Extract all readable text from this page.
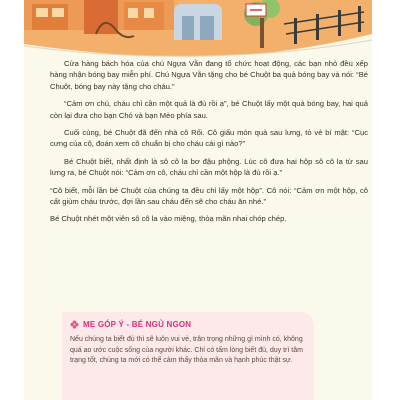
Cửa hàng bách hóa của chú Ngựa Vằn đang tổ chức hoạt động, các bạn nhỏ đều xếp hàng nhận bóng bay miễn phí. Chú Ngựa Vằn tặng cho bé Chuột ba quả bóng bay và nói: “Bé Chuột, bóng bay này tặng cho cháu.”

“Cảm ơn chú, cháu chỉ cần một quả là đủ rồi ạ”, bé Chuột lấy một quả bóng bay, hai quả còn lại đưa cho bạn Chó và bạn Mèo phía sau.

Cuối cùng, bé Chuột đã đến nhà cô Rối. Cô giấu món quà sau lưng, tỏ vẻ bí mật: “Cục cưng của cô, đoán xem cô chuẩn bị cho cháu cái gì nào?”

Bé Chuột biết, nhất định là sô cô la bơ đậu phộng. Lúc cô đưa hai hộp sô cô la từ sau lưng ra, bé Chuột nói: “Cảm ơn cô, cháu chỉ cần một hộp là đủ rồi ạ.”

“Cô biết, mỗi lần bé Chuột của chúng ta đều chỉ lấy một hộp”. Cô nói: “Cảm ơn một hộp, cô cất giùm cháu trước, đợi lần sau cháu đến sẽ cho cháu ăn nhé.”

Bé Chuột nhét một viên sô cô la vào miệng, thỏa mãn nhai chóp chép.

MẸ GÓP Ý - BÉ NGỦ NGON

Nếu chúng ta biết đủ thì sẽ luôn vui vẻ, trân trọng những gì mình có, không quá ao ước cuộc sống của người khác. Chỉ có tấm lòng biết đủ, duy trì tâm trạng tốt, chúng ta mới có thể cảm thấy thỏa mãn và hạnh phúc thật sự.
